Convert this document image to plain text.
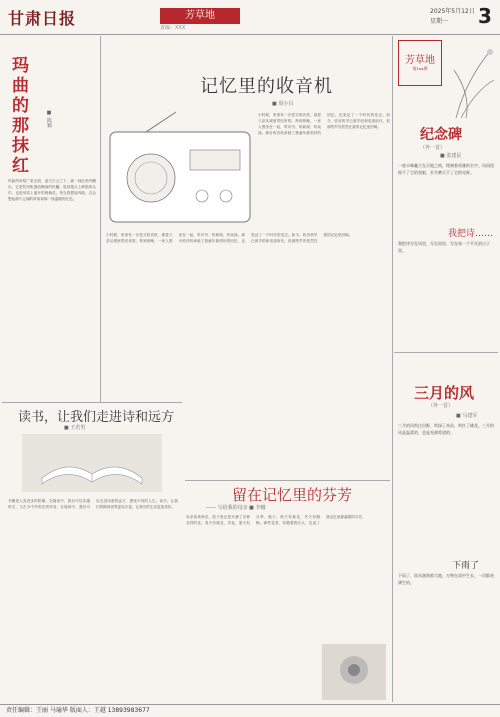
甘肃日报	芳草地
责编：XXX
2025年5月12日
星期一 3
玛曲的那抹红	■ 陈颖
玛曲的草原广袤无垠，蓝天白云之下，那一抹红格外醒目。它是牧民帐篷前飘扬的经幡，是姑娘头上鲜艳的头巾，也是草原上盛开的格桑花。每当我想起玛曲，总会想起那片辽阔的草原和那一抹温暖的红色。
读书，让我们走进诗和远方
■ 王若男
书籍是人类进步的阶梯。在阅读中，我们可以穿越时空，与古今中外的先贤对话；在阅读中，我们可以走进诗意的远方，感受不同的人生。读书，让我们的精神世界更加丰富，让我们的生活更加美好。
记忆里的收音机
■ 周小白
小时候，家里有一台老式收音机，那是父亲从城里带回来的。每到傍晚，一家人围坐在一起，听评书、听新闻、听戏曲。那台收音机承载了我童年最美好的回忆，也见证了一个时代的变迁。如今，收音机早已被手机和电视取代，但那些声音依然在我的记忆里回响。
小时候，家里有一台老式收音机，那是父亲从城里带回来的。每到傍晚，一家人围坐在一起，听评书、听新闻、听戏曲。那台收音机承载了我童年最美好的回忆，也见证了一个时代的变迁。如今，收音机早已被手机和电视取代，但那些声音依然在我的记忆里回响。
留在记忆里的芬芳
—— 写给我的母亲 ■ 李娜
母亲喜欢种花，院子里总是开满了各种各样的花。春天有桃花、杏花，夏天有月季、栀子，秋天有菊花，冬天有腊梅。那些花香，伴随着我长大，也成了我记忆里最温暖的芬芳。
芳草地
第1xx期
纪念碑
（外一首）
■ 张建民
一座丰碑矗立在天地之间，铭刻着英雄的名字。风雨侵蚀不了它的坚毅，岁月磨灭不了它的光辉。
我把诗……
我把诗写在风里，写在雨里，写在每一个平凡的日子里。
三月的风
（外一首）
■ 马建军
三月的风吹过田野，吹绿了麦苗，吹红了桃花。三月的风是温柔的，也是充满希望的。
下雨了
下雨了，雨水滋润着大地，万物在雨中生长，一切都充满生机。
责任编辑：王丽 马瑜华 版面人：王越 13893983677
